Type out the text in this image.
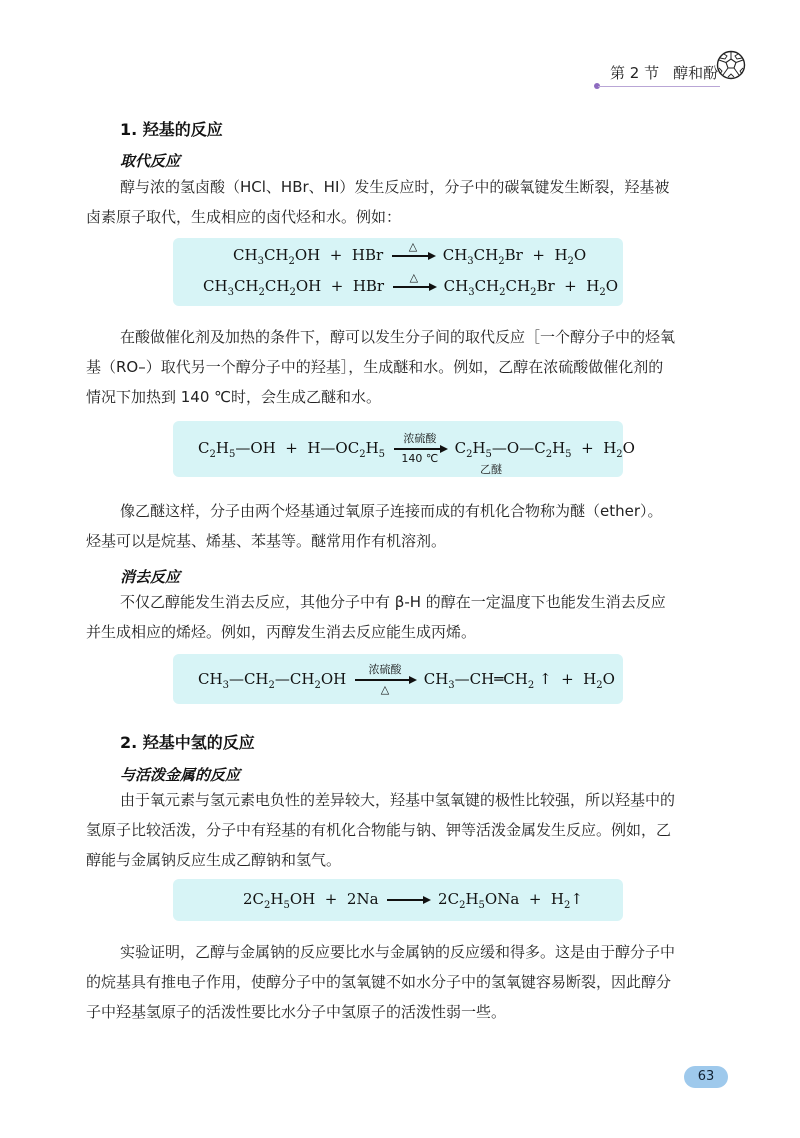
第 2 节 醇和酚
1. 羟基的反应
取代反应
醇与浓的氢卤酸（HCl、HBr、HI）发生反应时，分子中的碳氧键发生断裂，羟基被
卤素原子取代，生成相应的卤代烃和水。例如：
$CH_3CH_2OH$  +  HBr	△	$CH_3CH_2Br + H_2O$
$CH_3CH_2CH_2OH$  +  HBr	△	$CH_3CH_2CH_2Br + H_2O$
在酸做催化剂及加热的条件下，醇可以发生分子间的取代反应［一个醇分子中的烃氧
基（RO–）取代另一个醇分子中的羟基］，生成醚和水。例如，乙醇在浓硫酸做催化剂的
情况下加热到 140 ℃时，会生成乙醚和水。
$C_2H_5—OH$  +  $H—OC_2H_5$
浓硫酸
140 ℃
$C_2H_5—O—C_2H_5 + H_2O$
乙醚
像乙醚这样，分子由两个烃基通过氧原子连接而成的有机化合物称为醚（ether）。
烃基可以是烷基、烯基、苯基等。醚常用作有机溶剂。
消去反应
不仅乙醇能发生消去反应，其他分子中有 β-H 的醇在一定温度下也能发生消去反应
并生成相应的烯烃。例如，丙醇发生消去反应能生成丙烯。
$CH_3—CH_2—CH_2OH$
浓硫酸
△
$CH_3—CH═CH_2$ ↑  +  $H_2O$
2. 羟基中氢的反应
与活泼金属的反应
由于氧元素与氢元素电负性的差异较大，羟基中氢氧键的极性比较强，所以羟基中的
氢原子比较活泼，分子中有羟基的有机化合物能与钠、钾等活泼金属发生反应。例如，乙
醇能与金属钠反应生成乙醇钠和氢气。
$2C_2H_5OH + 2Na$	$2C_2H_5ONa$  +  $H_2↑$
实验证明，乙醇与金属钠的反应要比水与金属钠的反应缓和得多。这是由于醇分子中
的烷基具有推电子作用，使醇分子中的氢氧键不如水分子中的氢氧键容易断裂，因此醇分
子中羟基氢原子的活泼性要比水分子中氢原子的活泼性弱一些。
63
